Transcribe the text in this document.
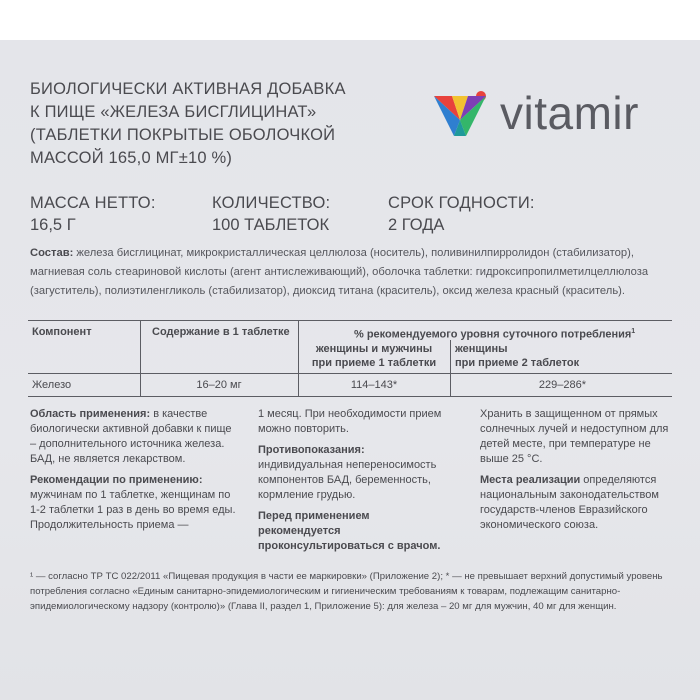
БИОЛОГИЧЕСКИ АКТИВНАЯ ДОБАВКА
К ПИЩЕ «ЖЕЛЕЗА БИСГЛИЦИНАТ»
(ТАБЛЕТКИ ПОКРЫТЫЕ ОБОЛОЧКОЙ
МАССОЙ 165,0 МГ±10 %)
vitamir
МАССА НЕТТО:
16,5 Г
КОЛИЧЕСТВО:
100 ТАБЛЕТОК
СРОК ГОДНОСТИ:
2 ГОДА
Состав: железа бисглицинат, микрокристаллическая целлюлоза (носитель), поливинилпирролидон (стабилизатор), магниевая соль стеариновой кислоты (агент антислеживающий), оболочка таблетки: гидроксипропилметилцеллюлоза (загуститель), полиэтиленгликоль (стабилизатор), диоксид титана (краситель), оксид железа красный (краситель).
Компонент	Содержание в 1 таблетке	% рекомендуемого уровня суточного потребления$^1$
женщины и мужчины
при приеме 1 таблетки
женщины
при приеме 2 таблеток
Железо	16–20 мг	114–143*	229–286*

Область применения: в качестве биологически активной добавки к пище – дополнительного источника железа.
БАД, не является лекарством.

Рекомендации по применению: мужчинам по 1 таблетке, женщинам по 1-2 таблетки 1 раз в день во время еды. Продолжительность приема —

1 месяц. При необходимости прием можно повторить.

Противопоказания: индивидуальная непереносимость компонентов БАД, беременность, кормление грудью.

Перед применением рекомендуется проконсультироваться с врачом.

Хранить в защищенном от прямых солнечных лучей и недоступном для детей месте, при температуре не выше 25 °С.

Места реализации определяются национальным законодательством государств-членов Евразийского экономического союза.

¹ — согласно ТР ТС 022/2011 «Пищевая продукция в части ее маркировки» (Приложение 2); * — не превышает верхний допустимый уровень потребления согласно «Единым санитарно-эпидемиологическим и гигиеническим требованиям к товарам, подлежащим санитарно-эпидемиологическому надзору (контролю)» (Глава II, раздел 1, Приложение 5): для железа – 20 мг для мужчин, 40 мг для женщин.
